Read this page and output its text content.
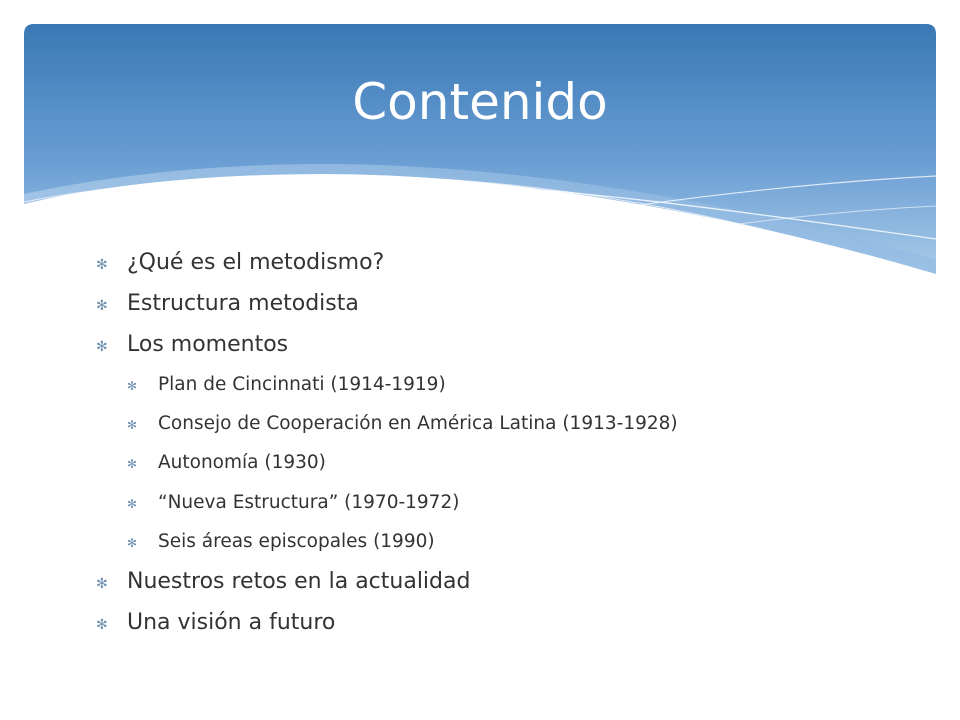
Contenido
✻ ¿Qué es el metodismo?
✻ Estructura metodista
✻ Los momentos
✻	Plan de Cincinnati (1914-1919)
✻	Consejo de Cooperación en América Latina (1913-1928)
✻	Autonomía (1930)
✻	“Nueva Estructura” (1970-1972)
✻	Seis áreas episcopales (1990)
✻ Nuestros retos en la actualidad
✻ Una visión a futuro
